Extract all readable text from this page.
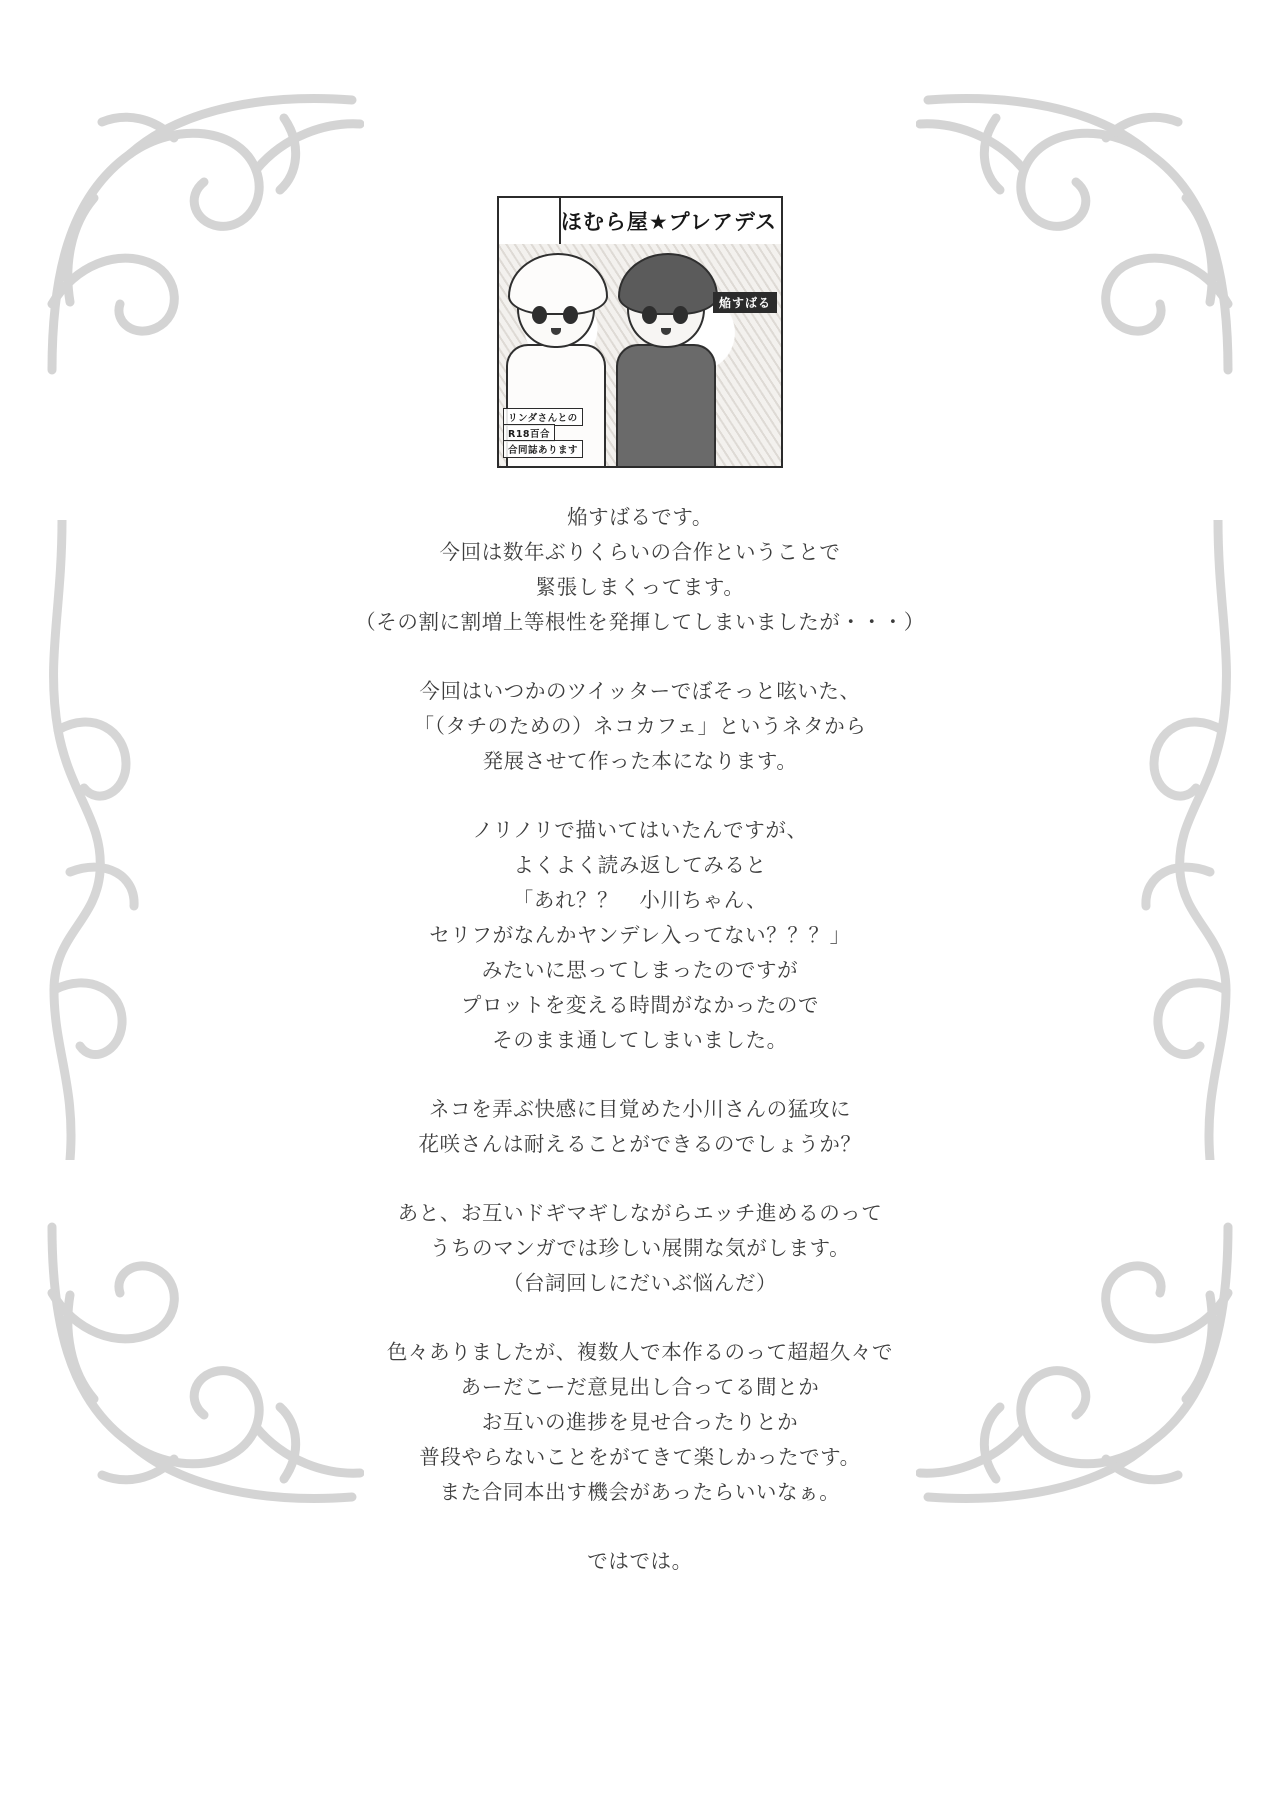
ほむら屋★プレアデス
焔すばる
リンダさんとの
R18百合
合同誌あります
焔すばるです。
今回は数年ぶりくらいの合作ということで
緊張しまくってます。
（その割に割増上等根性を発揮してしまいましたが・・・）
今回はいつかのツイッターでぼそっと呟いた、
「（タチのための）ネコカフェ」というネタから
発展させて作った本になります。
ノリノリで描いてはいたんですが、
よくよく読み返してみると
「あれ？？　小川ちゃん、
セリフがなんかヤンデレ入ってない？？？」
みたいに思ってしまったのですが
プロットを変える時間がなかったので
そのまま通してしまいました。
ネコを弄ぶ快感に目覚めた小川さんの猛攻に
花咲さんは耐えることができるのでしょうか？
あと、お互いドギマギしながらエッチ進めるのって
うちのマンガでは珍しい展開な気がします。
（台詞回しにだいぶ悩んだ）
色々ありましたが、複数人で本作るのって超超久々で
あーだこーだ意見出し合ってる間とか
お互いの進捗を見せ合ったりとか
普段やらないことをがてきて楽しかったです。
また合同本出す機会があったらいいなぁ。
ではでは。
